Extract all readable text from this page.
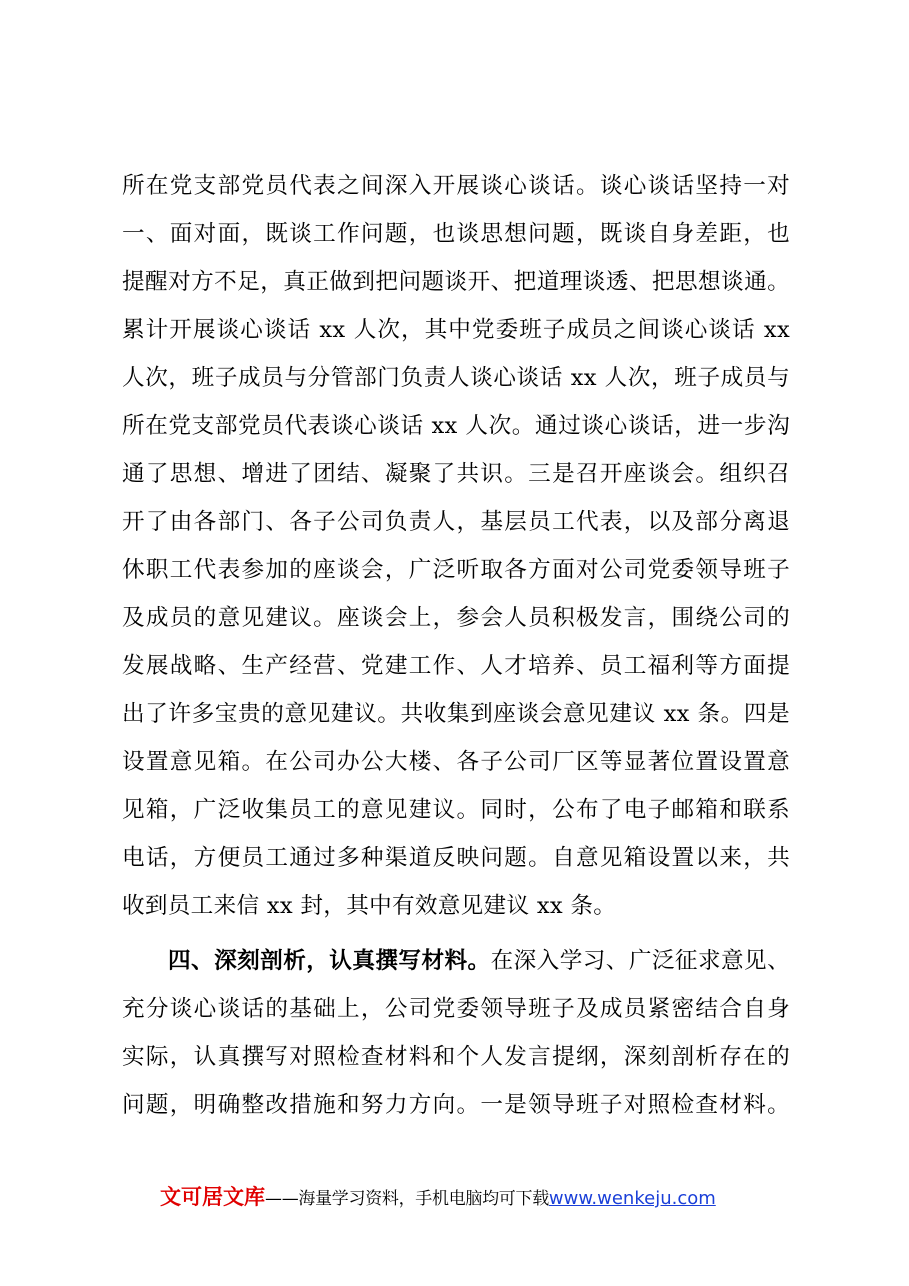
所在党支部党员代表之间深入开展谈心谈话。谈心谈话坚持一对
一、面对面，既谈工作问题，也谈思想问题，既谈自身差距，也
提醒对方不足，真正做到把问题谈开、把道理谈透、把思想谈通。
累计开展谈心谈话 xx 人次，其中党委班子成员之间谈心谈话 xx
人次，班子成员与分管部门负责人谈心谈话 xx 人次，班子成员与
所在党支部党员代表谈心谈话 xx 人次。通过谈心谈话，进一步沟
通了思想、增进了团结、凝聚了共识。三是召开座谈会。组织召
开了由各部门、各子公司负责人，基层员工代表，以及部分离退
休职工代表参加的座谈会，广泛听取各方面对公司党委领导班子
及成员的意见建议。座谈会上，参会人员积极发言，围绕公司的
发展战略、生产经营、党建工作、人才培养、员工福利等方面提
出了许多宝贵的意见建议。共收集到座谈会意见建议 xx 条。四是
设置意见箱。在公司办公大楼、各子公司厂区等显著位置设置意
见箱，广泛收集员工的意见建议。同时，公布了电子邮箱和联系
电话，方便员工通过多种渠道反映问题。自意见箱设置以来，共
收到员工来信 xx 封，其中有效意见建议 xx 条。
四、深刻剖析，认真撰写材料。在深入学习、广泛征求意见、
充分谈心谈话的基础上，公司党委领导班子及成员紧密结合自身
实际，认真撰写对照检查材料和个人发言提纲，深刻剖析存在的
问题，明确整改措施和努力方向。一是领导班子对照检查材料。
文可居文库——海量学习资料，手机电脑均可下载www.wenkeju.com
